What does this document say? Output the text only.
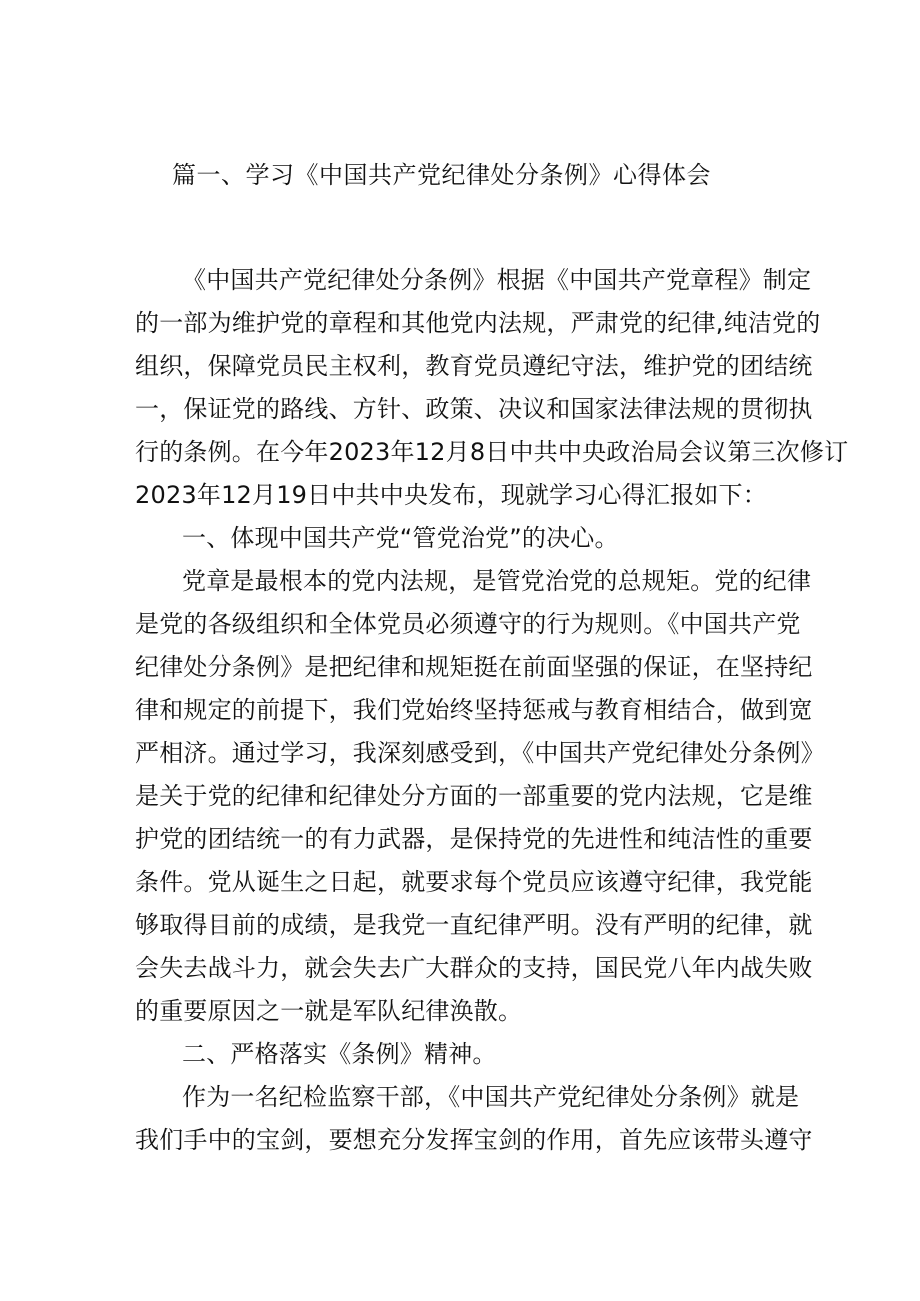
篇一、学习《中国共产党纪律处分条例》心得体会
《中国共产党纪律处分条例》根据《中国共产党章程》制定
的一部为维护党的章程和其他党内法规，严肃党的纪律,纯洁党的
组织，保障党员民主权利，教育党员遵纪守法，维护党的团结统
一，保证党的路线、方针、政策、决议和国家法律法规的贯彻执
行的条例。在今年2023年12月8日中共中央政治局会议第三次修订
2023年12月19日中共中央发布，现就学习心得汇报如下：
一、体现中国共产党“管党治党”的决心。
党章是最根本的党内法规，是管党治党的总规矩。党的纪律
是党的各级组织和全体党员必须遵守的行为规则。《中国共产党
纪律处分条例》是把纪律和规矩挺在前面坚强的保证，在坚持纪
律和规定的前提下，我们党始终坚持惩戒与教育相结合，做到宽
严相济。通过学习，我深刻感受到，《中国共产党纪律处分条例》
是关于党的纪律和纪律处分方面的一部重要的党内法规，它是维
护党的团结统一的有力武器，是保持党的先进性和纯洁性的重要
条件。党从诞生之日起，就要求每个党员应该遵守纪律，我党能
够取得目前的成绩，是我党一直纪律严明。没有严明的纪律，就
会失去战斗力，就会失去广大群众的支持，国民党八年内战失败
的重要原因之一就是军队纪律涣散。
二、严格落实《条例》精神。
作为一名纪检监察干部，《中国共产党纪律处分条例》就是
我们手中的宝剑，要想充分发挥宝剑的作用，首先应该带头遵守
